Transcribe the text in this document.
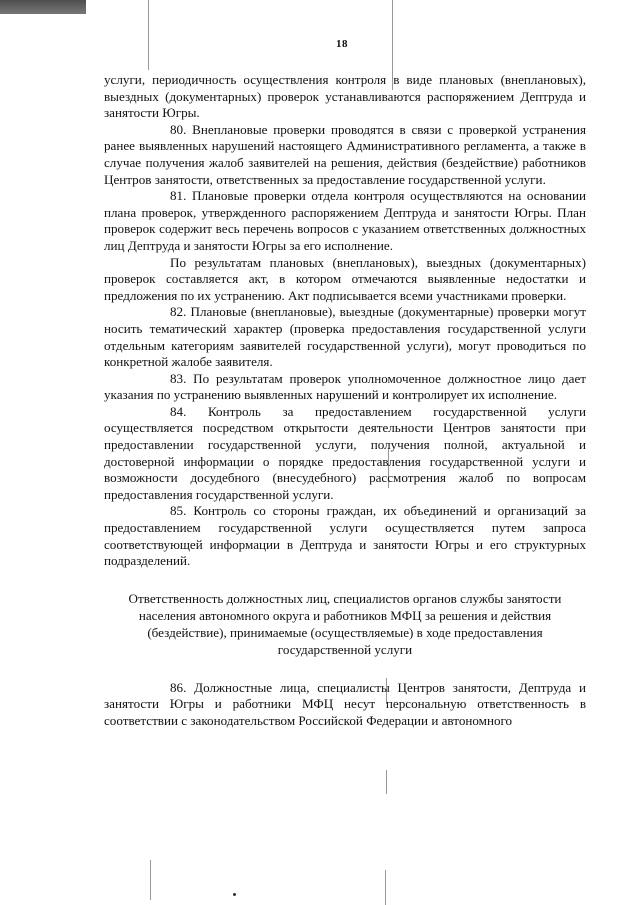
18

услуги, периодичность осуществления контроля в виде плановых (внеплановых), выездных (документарных) проверок устанавливаются распоряжением Дептруда и занятости Югры.

80. Внеплановые проверки проводятся в связи с проверкой устранения ранее выявленных нарушений настоящего Административного регламента, а также в случае получения жалоб заявителей на решения, действия (бездействие) работников Центров занятости, ответственных за предоставление государственной услуги.

81. Плановые проверки отдела контроля осуществляются на основании плана проверок, утвержденного распоряжением Дептруда и занятости Югры. План проверок содержит весь перечень вопросов с указанием ответственных должностных лиц Дептруда и занятости Югры за его исполнение.

По результатам плановых (внеплановых), выездных (документарных) проверок составляется акт, в котором отмечаются выявленные недостатки и предложения по их устранению. Акт подписывается всеми участниками проверки.

82. Плановые (внеплановые), выездные (документарные) проверки могут носить тематический характер (проверка предоставления государственной услуги отдельным категориям заявителей государственной услуги), могут проводиться по конкретной жалобе заявителя.

83. По результатам проверок уполномоченное должностное лицо дает указания по устранению выявленных нарушений и контролирует их исполнение.

84. Контроль за предоставлением государственной услуги осуществляется посредством открытости деятельности Центров занятости при предоставлении государственной услуги, получения полной, актуальной и достоверной информации о порядке предоставления государственной услуги и возможности досудебного (внесудебного) рассмотрения жалоб по вопросам предоставления государственной услуги.

85. Контроль со стороны граждан, их объединений и организаций за предоставлением государственной услуги осуществляется путем запроса соответствующей информации в Дептруда и занятости Югры и его структурных подразделений.

Ответственность должностных лиц, специалистов органов службы занятости населения автономного округа и работников МФЦ за решения и действия (бездействие), принимаемые (осуществляемые) в ходе предоставления государственной услуги

86. Должностные лица, специалисты Центров занятости, Дептруда и занятости Югры и работники МФЦ несут персональную ответственность в соответствии с законодательством Российской Федерации и автономного
